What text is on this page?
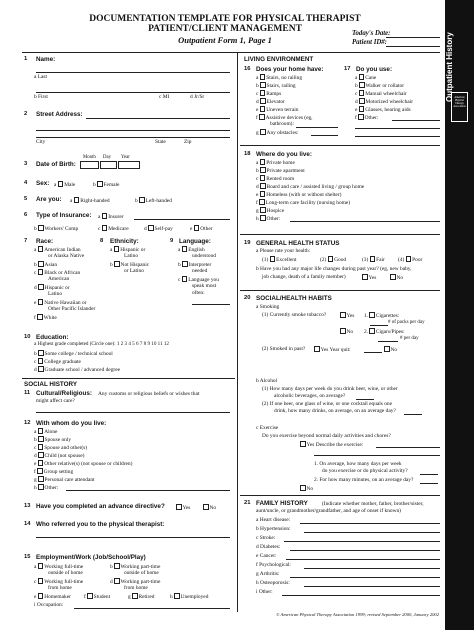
DOCUMENTATION TEMPLATE FOR PHYSICAL THERAPIST
PATIENT/CLIENT MANAGEMENT
Outpatient Form 1, Page 1
Today's Date:
Patient ID#:	Outpatient History American Physical Therapy Association
1 Name:
a Last
b First	c MI	d Jr/Sr
2 Street Address:
City	State	Zip
3 Date of Birth:
Month Day Year
4 Sex: a Male	b Female
5 Are you: a Right-handed	b Left-handed
6 Type of Insurance: a Insurer
b Workers' Comp	c Medicare	d Self-pay	e Other
7 Race:
a American Indian
or Alaska Native
b Asian
c Black or African
American
d Hispanic or
Latino
e Native Hawaiian or
Other Pacific Islander
f White
8 Ethnicity:
a Hispanic or
Latino
b Not Hispanic
or Latino
9 Language:
a English
understood
b Interpreter
needed
c Language you
speak most
often:
10 Education:
a Highest grade completed (Circle one): 1 2 3 4 5 6 7 8 9 10 11 12
b Some college / technical school
c College graduate
d Graduate school / advanced degree
SOCIAL HISTORY
11 Cultural/Religious: Any customs or religious beliefs or wishes that
might affect care?
12 With whom do you live:
a Alone
b Spouse only
c Spouse and other(s)
d Child (not spouse)
e Other relative(s) (not spouse or children)
f Group setting
g Personal care attendant
h Other:
13 Have you completed an advance directive?	Yes	No
14 Who referred you to the physical therapist:
15 Employment/Work (Job/School/Play)
a Working full-time
outside of home
b Working part-time
outside of home
c Working full-time
from home
d Working part-time
from home
e Homemaker f Student	g Retired	h Unemployed
i Occupation:
LIVING ENVIRONMENT
16 Does your home have:
a Stairs, no railing
b Stairs, railing
c Ramps
d Elevator
e Uneven terrain
f Assistive devices (eg,
bathroom):
g Any obstacles:
17 Do you use:
a Cane
b Walker or rollator
c Manual wheelchair
d Motorized wheelchair
e Glasses, hearing aids
f Other:
18 Where do you live:
a Private home
b Private apartment
c Rented room
d Board and care / assisted living / group home
e Homeless (with or without shelter)
f Long-term care facility (nursing home)
g Hospice
h Other:
19 GENERAL HEALTH STATUS
a Please rate your health:
(1) Excellent	(2) Good	(3) Fair (4) Poor
b Have you had any major life changes during past year? (eg, new baby,
job change, death of a family member)	Yes	No
20 SOCIAL/HEALTH HABITS
a Smoking
(1) Currently smoke tobacco?	Yes 1. Cigarettes:
# of packs per day
No 2. Cigars/Pipes:
# per day
(2) Smoked in past?	Yes Year quit:	No
b Alcohol
(1) How many days per week do you drink beer, wine, or other
alcoholic beverages, on average?
(2) If one beer, one glass of wine, or one cocktail equals one
drink, how many drinks, on average, on an average day?
c Exercise
Do you exercise beyond normal daily activities and chores?
Yes Describe the exercise:
1. On average, how many days per week
do you exercise or do physical activity?
2. For how many minutes, on an average day?
No
21 FAMILY HISTORY	(Indicate whether mother, father, brother/sister,
aunt/uncle, or grandmother/grandfather, and age of onset if known)
a Heart disease:
b Hypertension:
c Stroke:
d Diabetes:
e Cancer:
f Psychological:
g Arthritis:
h Osteoporosis:
i Other:
© American Physical Therapy Association 1999; revised September 2000, January 2002
